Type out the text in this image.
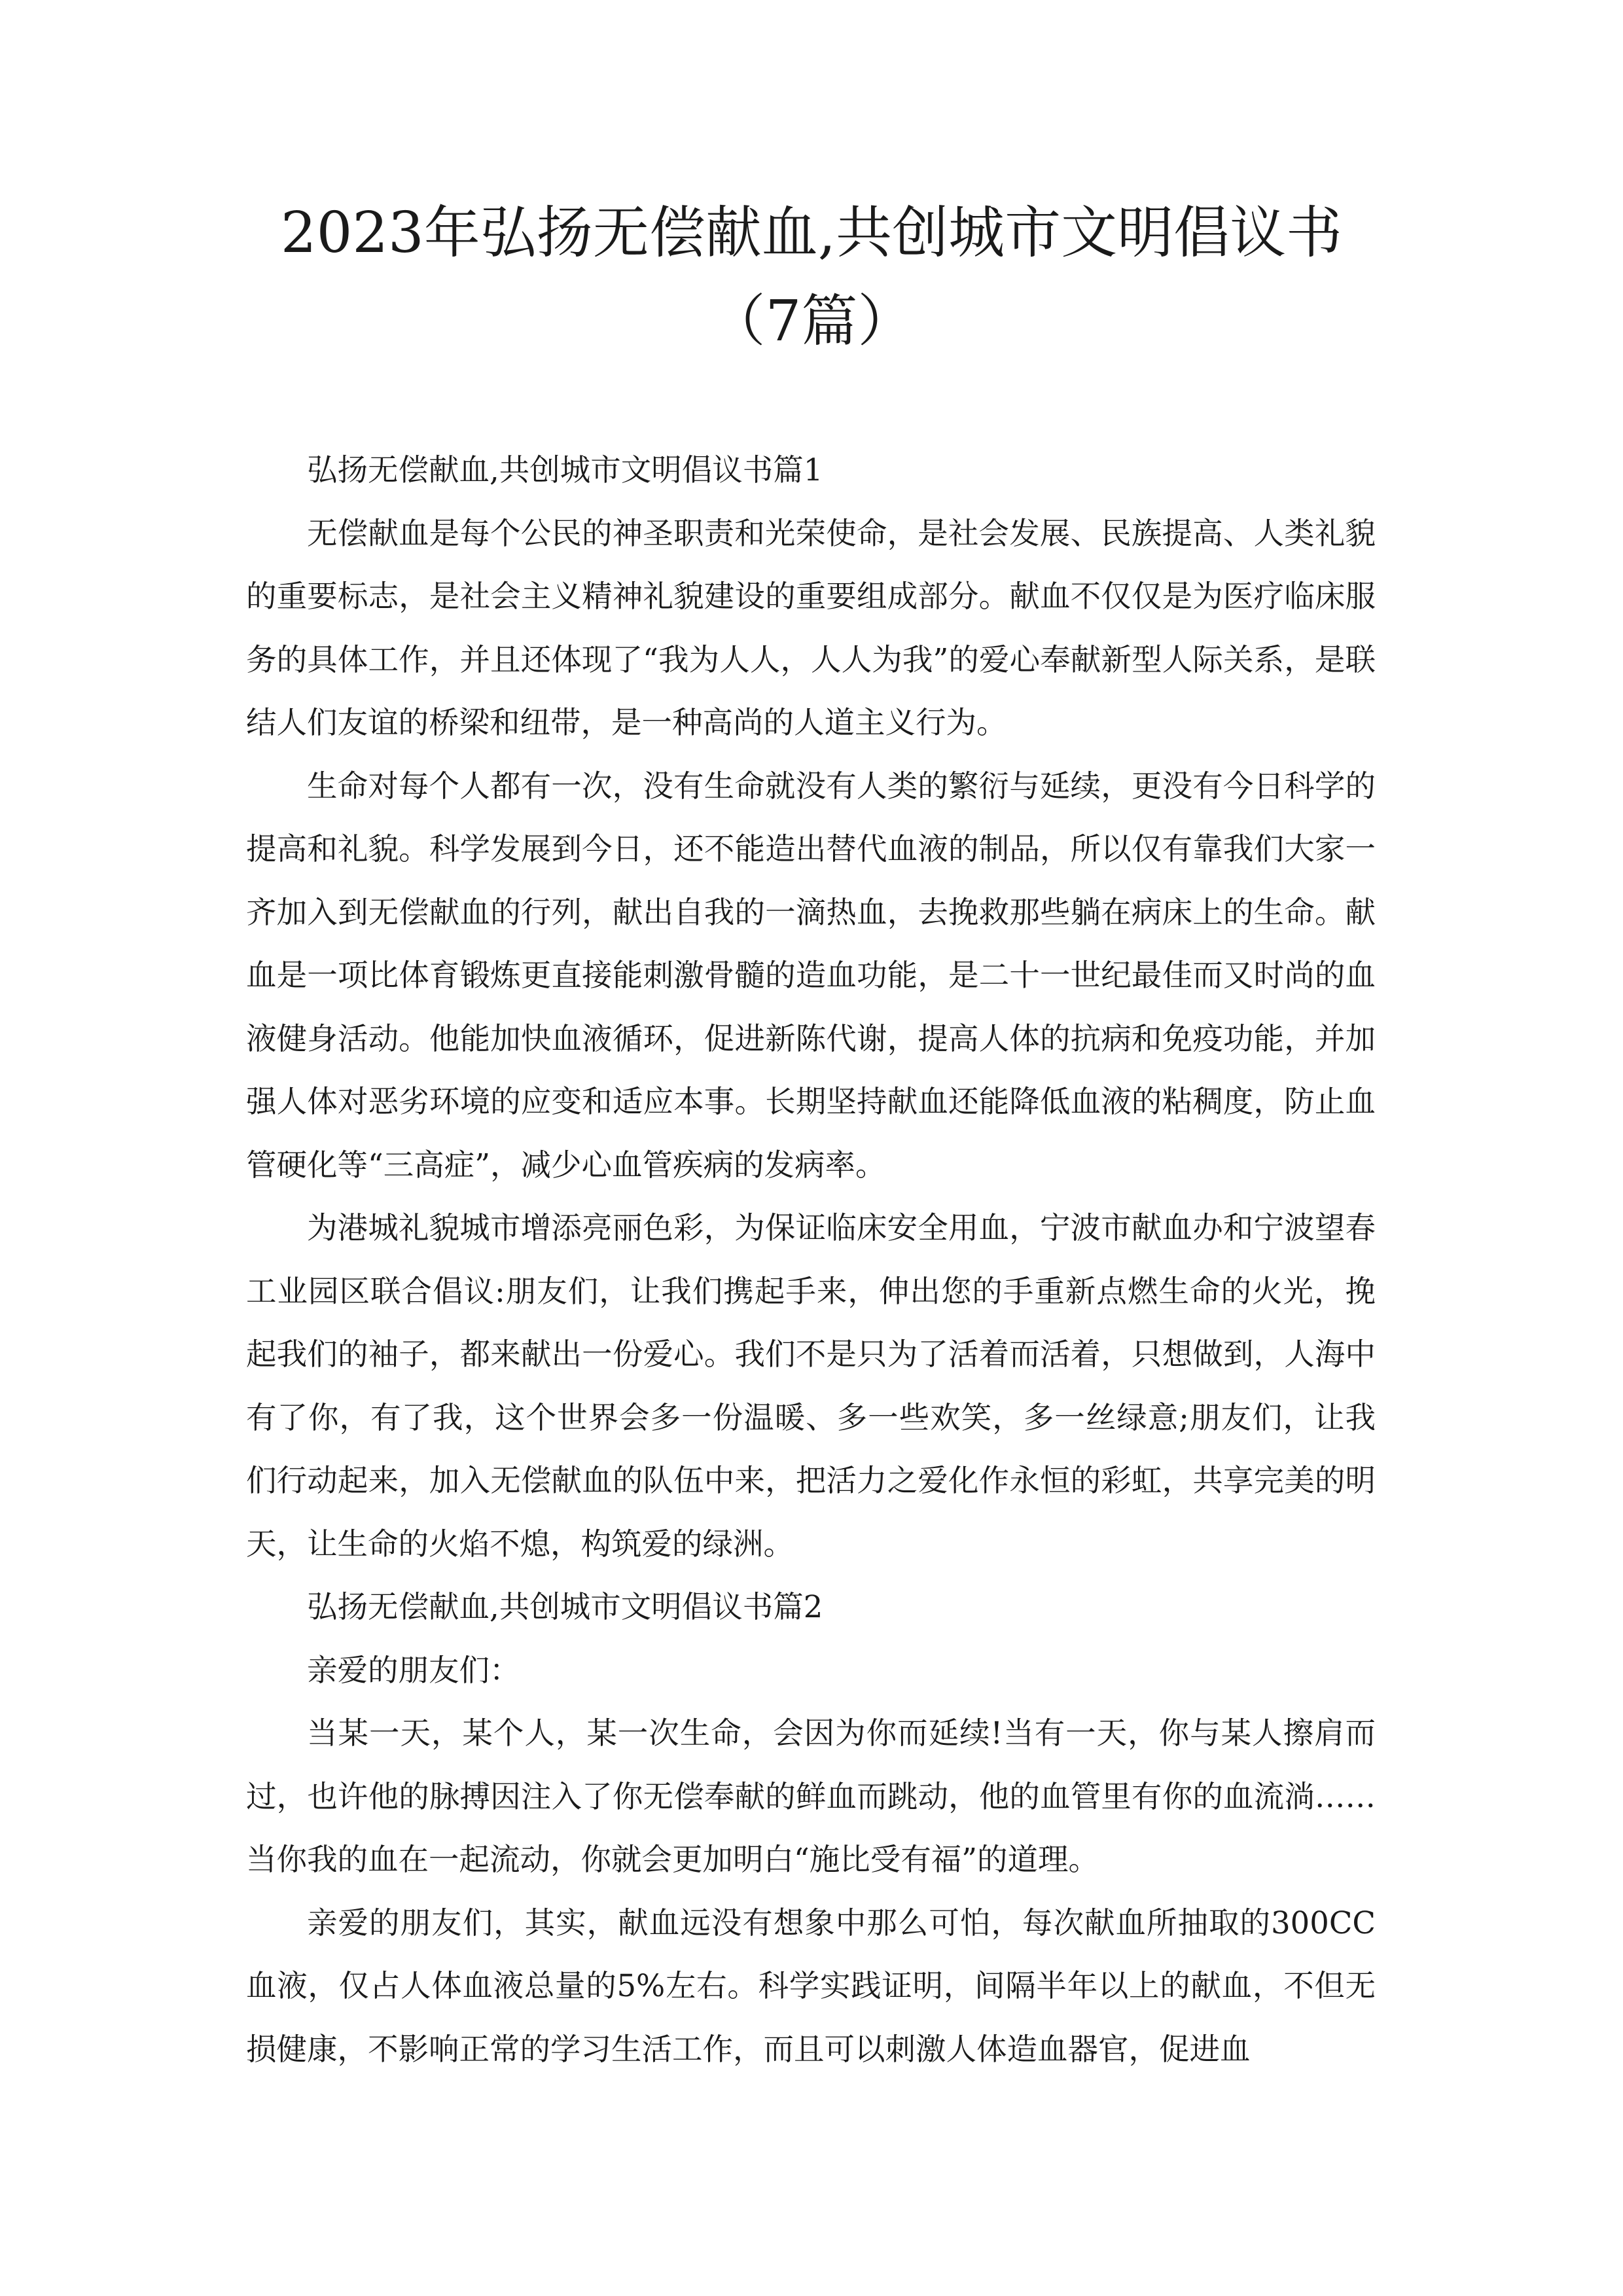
2023年弘扬无偿献血,共创城市文明倡议书
（7篇）

弘扬无偿献血,共创城市文明倡议书篇1

无偿献血是每个公民的神圣职责和光荣使命，是社会发展、民族提高、人类礼貌的重要标志，是社会主义精神礼貌建设的重要组成部分。献血不仅仅是为医疗临床服务的具体工作，并且还体现了“我为人人，人人为我”的爱心奉献新型人际关系，是联结人们友谊的桥梁和纽带，是一种高尚的人道主义行为。

生命对每个人都有一次，没有生命就没有人类的繁衍与延续，更没有今日科学的提高和礼貌。科学发展到今日，还不能造出替代血液的制品，所以仅有靠我们大家一齐加入到无偿献血的行列，献出自我的一滴热血，去挽救那些躺在病床上的生命。献血是一项比体育锻炼更直接能刺激骨髓的造血功能，是二十一世纪最佳而又时尚的血液健身活动。他能加快血液循环，促进新陈代谢，提高人体的抗病和免疫功能，并加强人体对恶劣环境的应变和适应本事。长期坚持献血还能降低血液的粘稠度，防止血管硬化等“三高症”，减少心血管疾病的发病率。

为港城礼貌城市增添亮丽色彩，为保证临床安全用血，宁波市献血办和宁波望春工业园区联合倡议:朋友们，让我们携起手来，伸出您的手重新点燃生命的火光，挽起我们的袖子，都来献出一份爱心。我们不是只为了活着而活着，只想做到，人海中有了你，有了我，这个世界会多一份温暖、多一些欢笑，多一丝绿意;朋友们，让我们行动起来，加入无偿献血的队伍中来，把活力之爱化作永恒的彩虹，共享完美的明天，让生命的火焰不熄，构筑爱的绿洲。

弘扬无偿献血,共创城市文明倡议书篇2

亲爱的朋友们：

当某一天，某个人，某一次生命，会因为你而延续!当有一天，你与某人擦肩而过，也许他的脉搏因注入了你无偿奉献的鲜血而跳动，他的血管里有你的血流淌……当你我的血在一起流动，你就会更加明白“施比受有福”的道理。

亲爱的朋友们，其实，献血远没有想象中那么可怕，每次献血所抽取的300CC血液，仅占人体血液总量的5%左右。科学实践证明，间隔半年以上的献血，不但无损健康，不影响正常的学习生活工作，而且可以刺激人体造血器官，促进血
